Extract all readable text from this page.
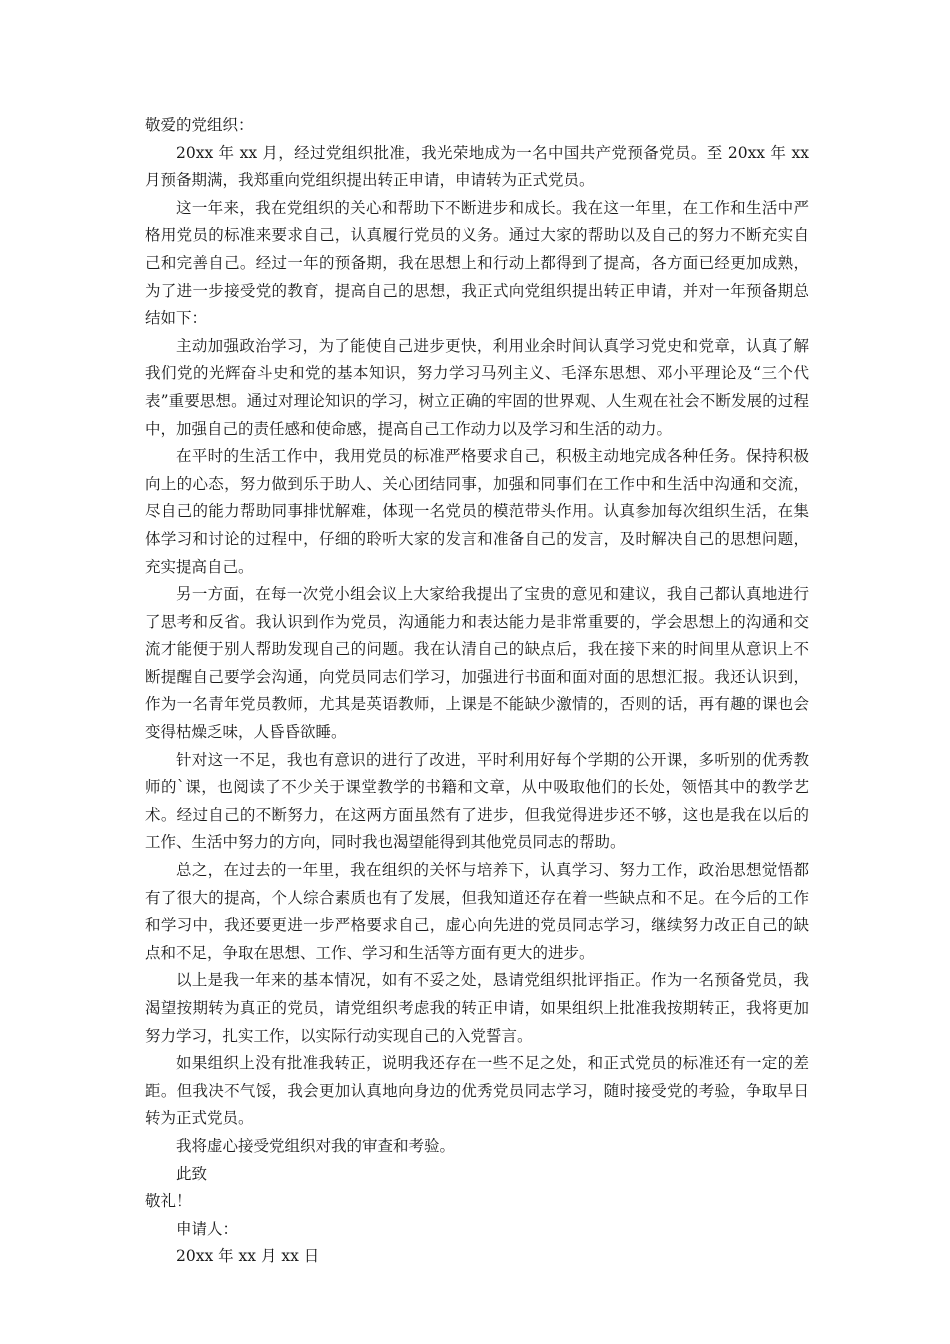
敬爱的党组织：

20xx 年 xx 月，经过党组织批准，我光荣地成为一名中国共产党预备党员。至 20xx 年 xx 月预备期满，我郑重向党组织提出转正申请，申请转为正式党员。

这一年来，我在党组织的关心和帮助下不断进步和成长。我在这一年里，在工作和生活中严格用党员的标准来要求自己，认真履行党员的义务。通过大家的帮助以及自己的努力不断充实自己和完善自己。经过一年的预备期，我在思想上和行动上都得到了提高，各方面已经更加成熟，为了进一步接受党的教育，提高自己的思想，我正式向党组织提出转正申请，并对一年预备期总结如下：

主动加强政治学习，为了能使自己进步更快，利用业余时间认真学习党史和党章，认真了解我们党的光辉奋斗史和党的基本知识，努力学习马列主义、毛泽东思想、邓小平理论及“三个代表”重要思想。通过对理论知识的学习，树立正确的牢固的世界观、人生观在社会不断发展的过程中，加强自己的责任感和使命感，提高自己工作动力以及学习和生活的动力。

在平时的生活工作中，我用党员的标准严格要求自己，积极主动地完成各种任务。保持积极向上的心态，努力做到乐于助人、关心团结同事，加强和同事们在工作中和生活中沟通和交流，尽自己的能力帮助同事排忧解难，体现一名党员的模范带头作用。认真参加每次组织生活，在集体学习和讨论的过程中，仔细的聆听大家的发言和准备自己的发言，及时解决自己的思想问题，充实提高自己。

另一方面，在每一次党小组会议上大家给我提出了宝贵的意见和建议，我自己都认真地进行了思考和反省。我认识到作为党员，沟通能力和表达能力是非常重要的，学会思想上的沟通和交流才能便于别人帮助发现自己的问题。我在认清自己的缺点后，我在接下来的时间里从意识上不断提醒自己要学会沟通，向党员同志们学习，加强进行书面和面对面的思想汇报。我还认识到，作为一名青年党员教师，尤其是英语教师，上课是不能缺少激情的，否则的话，再有趣的课也会变得枯燥乏味，人昏昏欲睡。

针对这一不足，我也有意识的进行了改进，平时利用好每个学期的公开课，多听别的优秀教师的`课，也阅读了不少关于课堂教学的书籍和文章，从中吸取他们的长处，领悟其中的教学艺术。经过自己的不断努力，在这两方面虽然有了进步，但我觉得进步还不够，这也是我在以后的工作、生活中努力的方向，同时我也渴望能得到其他党员同志的帮助。

总之，在过去的一年里，我在组织的关怀与培养下，认真学习、努力工作，政治思想觉悟都有了很大的提高，个人综合素质也有了发展，但我知道还存在着一些缺点和不足。在今后的工作和学习中，我还要更进一步严格要求自己，虚心向先进的党员同志学习，继续努力改正自己的缺点和不足，争取在思想、工作、学习和生活等方面有更大的进步。

以上是我一年来的基本情况，如有不妥之处，恳请党组织批评指正。作为一名预备党员，我渴望按期转为真正的党员，请党组织考虑我的转正申请，如果组织上批准我按期转正，我将更加努力学习，扎实工作，以实际行动实现自己的入党誓言。

如果组织上没有批准我转正，说明我还存在一些不足之处，和正式党员的标准还有一定的差距。但我决不气馁，我会更加认真地向身边的优秀党员同志学习，随时接受党的考验，争取早日转为正式党员。

我将虚心接受党组织对我的审查和考验。

此致

敬礼！

申请人：

20xx 年 xx 月 xx 日
